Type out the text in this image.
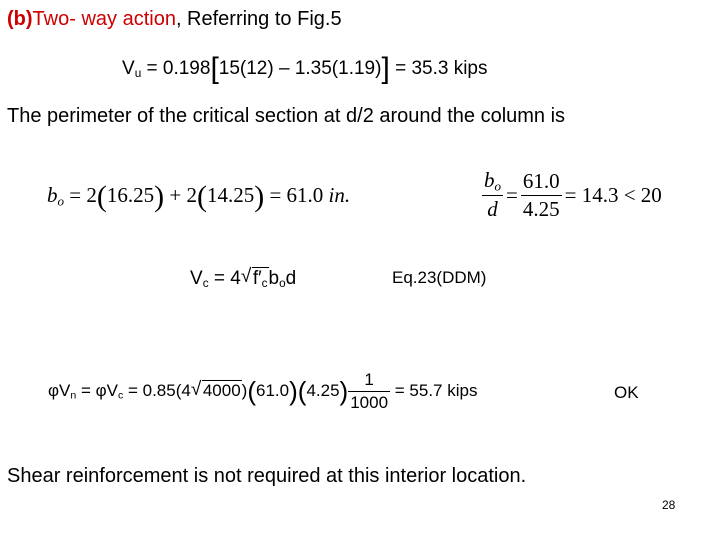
(b)Two- way action, Referring to Fig.5
$V_u = 0.198[15(12) - 1.35(1.19)] = 35.3$ kips
The perimeter of the critical section at d/2 around the column is
$b_o = 2(16.25) + 2(14.25) = 61.0$ in.	$\frac{b_o}{d} = \frac{61.0}{4.25} = 14.3 < 20$
$V_c = 4$ √ $f'_cb_od$	Eq.23(DDM)
$\varphi V_n = \varphi V_c = 0.85(4$ √ $4000)(61.0)(4.25) \frac{1}{1000} = 55.7$ kips	OK
Shear reinforcement is not required at this interior location.
28
